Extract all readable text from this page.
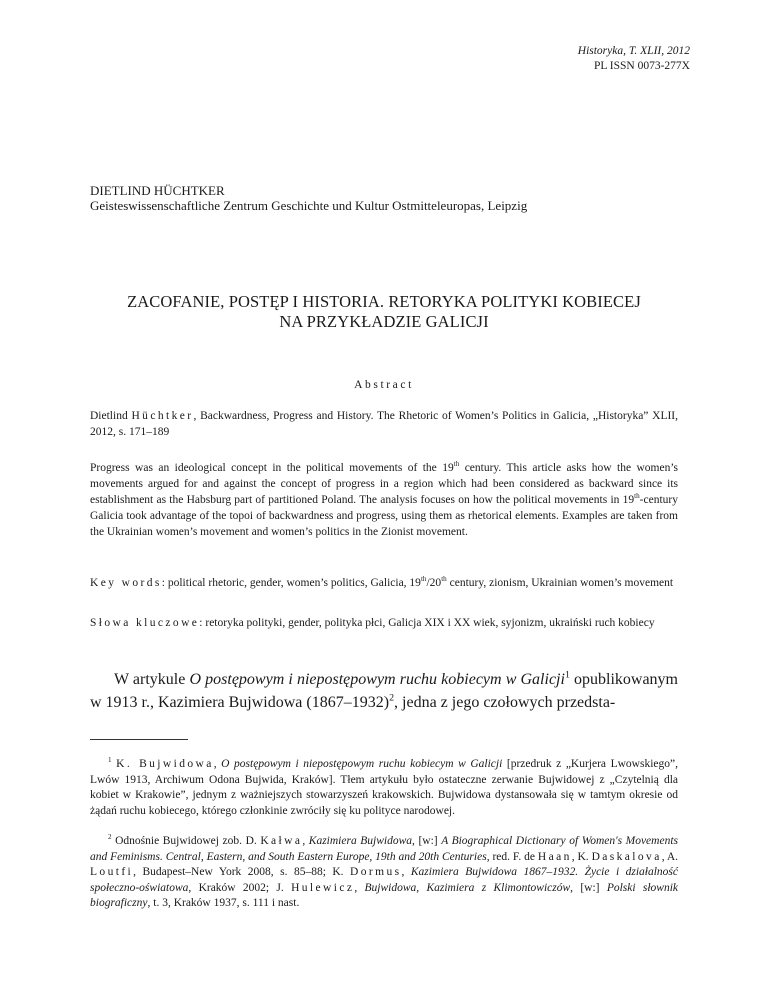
Historyka, T. XLII, 2012
PL ISSN 0073-277X
DIETLIND HÜCHTKER
Geisteswissenschaftliche Zentrum Geschichte und Kultur Ostmitteleuropas, Leipzig
ZACOFANIE, POSTĘP I HISTORIA. RETORYKA POLITYKI KOBIECEJ
NA PRZYKŁADZIE GALICJI
Abstract
Dietlind Hüchtker, Backwardness, Progress and History. The Rhetoric of Women’s Politics in Galicia, „Historyka” XLII, 2012, s. 171–189
Progress was an ideological concept in the political movements of the 19th century. This article asks how the women’s movements argued for and against the concept of progress in a region which had been considered as backward since its establishment as the Habsburg part of partitioned Poland. The analysis focuses on how the political movements in 19th-century Galicia took advantage of the topoi of backwardness and progress, using them as rhetorical elements. Examples are taken from the Ukrainian women’s movement and women’s politics in the Zionist movement.
Key words: political rhetoric, gender, women’s politics, Galicia, 19th/20th century, zionism, Ukrainian women’s movement
Słowa kluczowe: retoryka polityki, gender, polityka płci, Galicja XIX i XX wiek, syjonizm, ukraiński ruch kobiecy
W artykule O postępowym i niepostępowym ruchu kobiecym w Galicji$^1$ opublikowanym w 1913 r., Kazimiera Bujwidowa (1867–1932)$^2$, jedna z jego czołowych przedsta-
$^1$ K. Bujwidowa, O postępowym i niepostępowym ruchu kobiecym w Galicji [przedruk z „Kurjera Lwowskiego”, Lwów 1913, Archiwum Odona Bujwida, Kraków]. Tłem artykułu było ostateczne zerwanie Bujwidowej z „Czytelnią dla kobiet w Krakowie”, jednym z ważniejszych stowarzyszeń krakowskich. Bujwidowa dystansowała się w tamtym okresie od żądań ruchu kobiecego, którego członkinie zwróciły się ku polityce narodowej.
$^2$ Odnośnie Bujwidowej zob. D. Kałwa, Kazimiera Bujwidowa, [w:] A Biographical Dictionary of Women's Movements and Feminisms. Central, Eastern, and South Eastern Europe, 19th and 20th Centuries, red. F. de Haan, K. Daskalova, A. Loutfi, Budapest–New York 2008, s. 85–88; K. Dormus, Kazimiera Bujwidowa 1867–1932. Życie i działalność społeczno-oświatowa, Kraków 2002; J. Hulewicz, Bujwidowa, Kazimiera z Klimontowiczów, [w:] Polski słownik biograficzny, t. 3, Kraków 1937, s. 111 i nast.
